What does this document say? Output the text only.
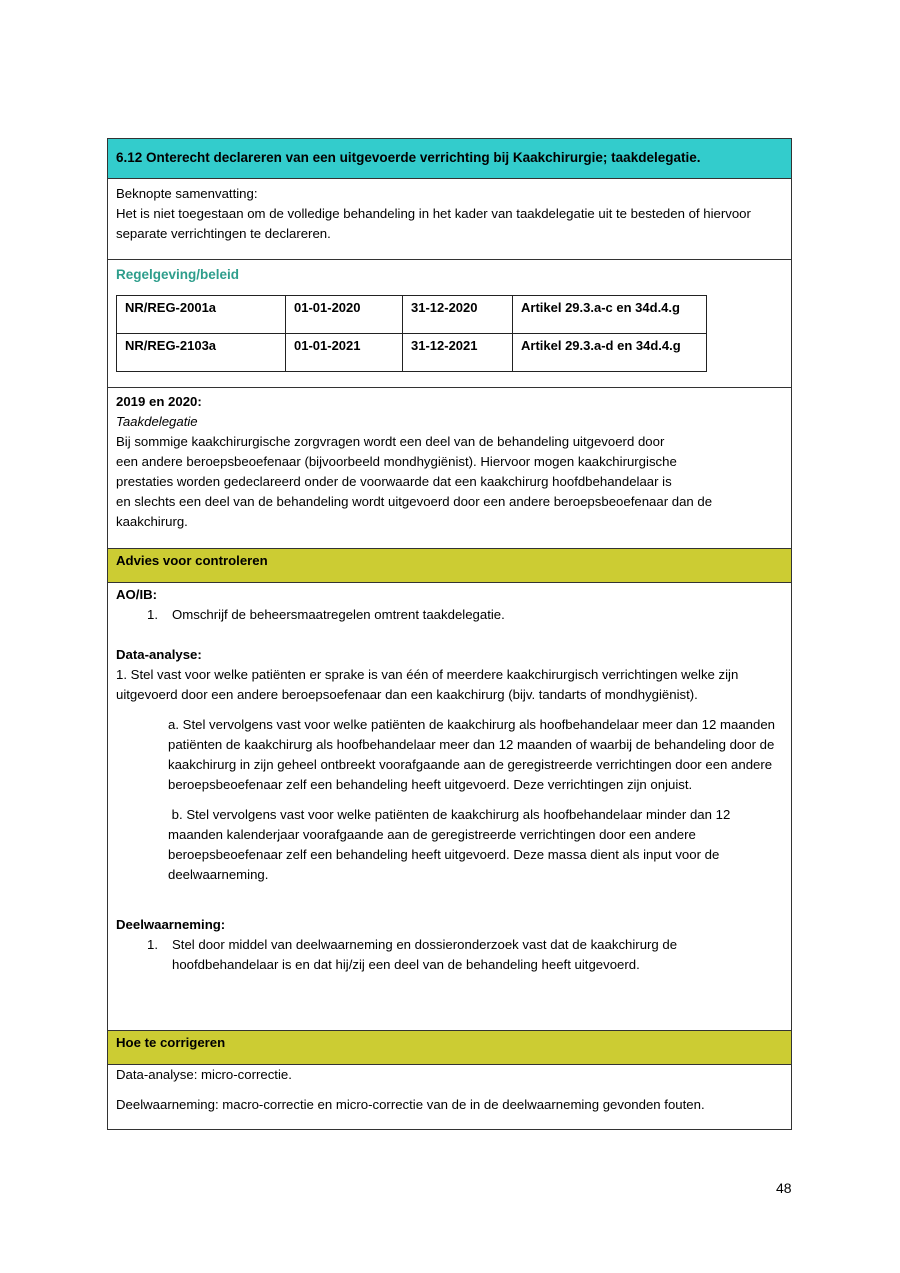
6.12 Onterecht declareren van een uitgevoerde verrichting bij Kaakchirurgie; taakdelegatie.
Beknopte samenvatting:
Het is niet toegestaan om de volledige behandeling in het kader van taakdelegatie uit te besteden of hiervoor separate verrichtingen te declareren.
Regelgeving/beleid
NR/REG-2001a	01-01-2020	31-12-2020	Artikel 29.3.a-c en 34d.4.g
NR/REG-2103a	01-01-2021	31-12-2021	Artikel 29.3.a-d en 34d.4.g
2019 en 2020:
Taakdelegatie
Bij sommige kaakchirurgische zorgvragen wordt een deel van de behandeling uitgevoerd door
een andere beroepsbeoefenaar (bijvoorbeeld mondhygiënist). Hiervoor mogen kaakchirurgische
prestaties worden gedeclareerd onder de voorwaarde dat een kaakchirurg hoofdbehandelaar is
en slechts een deel van de behandeling wordt uitgevoerd door een andere beroepsbeoefenaar dan de
kaakchirurg.
Advies voor controleren
AO/IB:
1.	Omschrijf de beheersmaatregelen omtrent taakdelegatie.
Data-analyse:
1. Stel vast voor welke patiënten er sprake is van één of meerdere kaakchirurgisch verrichtingen welke zijn uitgevoerd door een andere beroepsoefenaar dan een kaakchirurg (bijv. tandarts of mondhygiënist).
a. Stel vervolgens vast voor welke patiënten de kaakchirurg als hoofbehandelaar meer dan 12 maanden patiënten de kaakchirurg als hoofbehandelaar meer dan 12 maanden of waarbij de behandeling door de kaakchirurg in zijn geheel ontbreekt voorafgaande aan de geregistreerde verrichtingen door een andere beroepsbeoefenaar zelf een behandeling heeft uitgevoerd. Deze verrichtingen zijn onjuist.
b. Stel vervolgens vast voor welke patiënten de kaakchirurg als hoofbehandelaar minder dan 12 maanden kalenderjaar voorafgaande aan de geregistreerde verrichtingen door een andere beroepsbeoefenaar zelf een behandeling heeft uitgevoerd. Deze massa dient als input voor de deelwaarneming.
Deelwaarneming:
1.	Stel door middel van deelwaarneming en dossieronderzoek vast dat de kaakchirurg de hoofdbehandelaar is en dat hij/zij een deel van de behandeling heeft uitgevoerd.
Hoe te corrigeren
Data-analyse: micro-correctie.
Deelwaarneming: macro-correctie en micro-correctie van de in de deelwaarneming gevonden fouten.
48
